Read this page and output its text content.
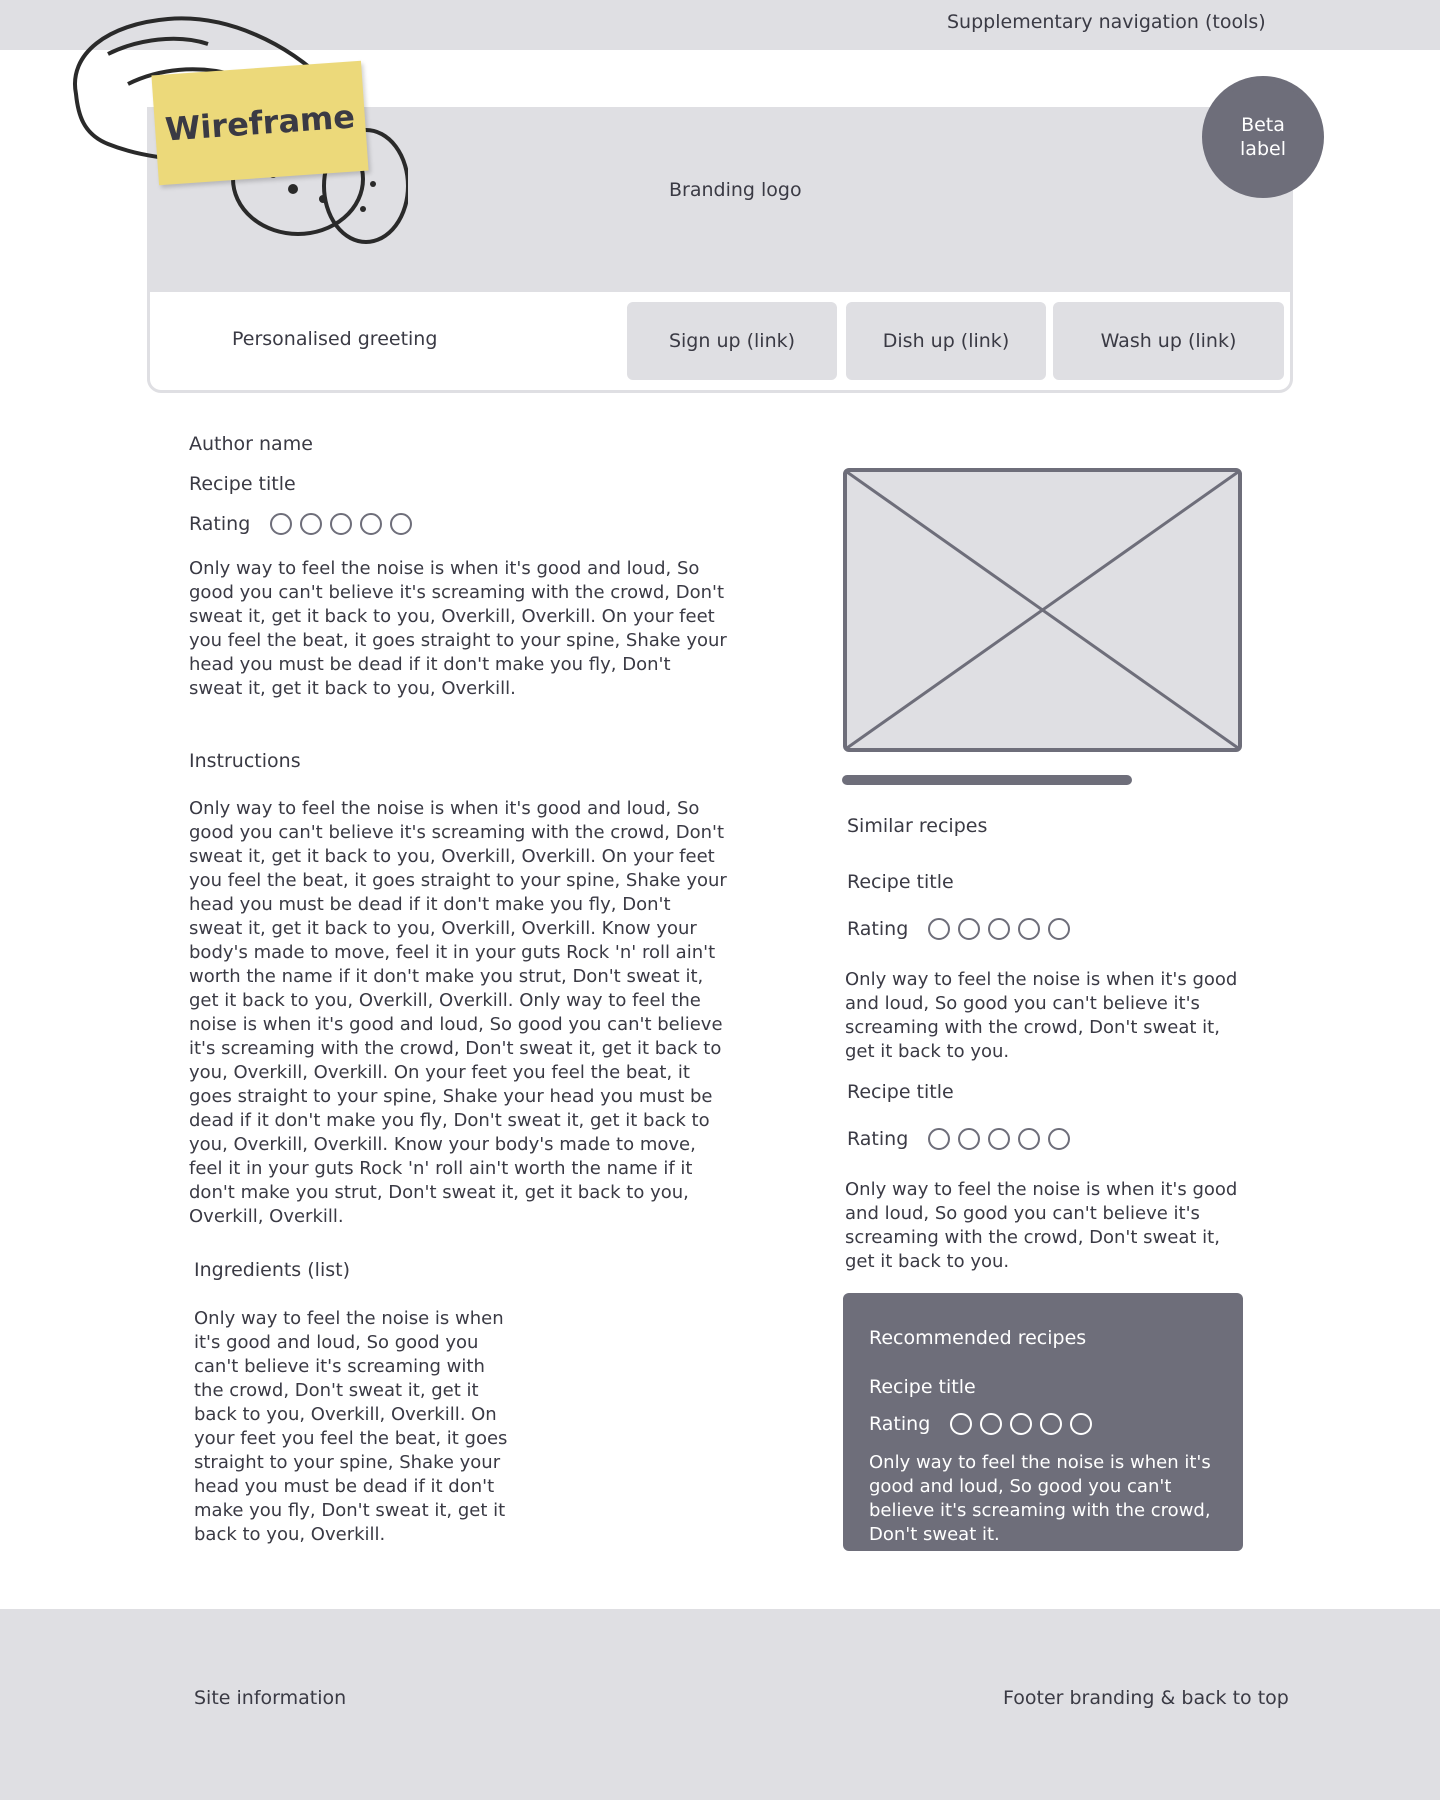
Supplementary navigation (tools)
Branding logo
Personalised greeting	Sign up (link)	Dish up (link)	Wash up (link)
Beta label
Wireframe
Author name
Recipe title
Rating

Only way to feel the noise is when it's good and loud, So good you can't believe it's screaming with the crowd, Don't sweat it, get it back to you, Overkill, Overkill. On your feet you feel the beat, it goes straight to your spine, Shake your head you must be dead if it don't make you fly, Don't sweat it, get it back to you, Overkill.

Instructions

Only way to feel the noise is when it's good and loud, So good you can't believe it's screaming with the crowd, Don't sweat it, get it back to you, Overkill, Overkill. On your feet you feel the beat, it goes straight to your spine, Shake your head you must be dead if it don't make you fly, Don't sweat it, get it back to you, Overkill, Overkill. Know your body's made to move, feel it in your guts Rock 'n' roll ain't worth the name if it don't make you strut, Don't sweat it, get it back to you, Overkill, Overkill. Only way to feel the noise is when it's good and loud, So good you can't believe it's screaming with the crowd, Don't sweat it, get it back to you, Overkill, Overkill. On your feet you feel the beat, it goes straight to your spine, Shake your head you must be dead if it don't make you fly, Don't sweat it, get it back to you, Overkill, Overkill. Know your body's made to move, feel it in your guts Rock 'n' roll ain't worth the name if it don't make you strut, Don't sweat it, get it back to you, Overkill, Overkill.

Ingredients (list)

Only way to feel the noise is when it's good and loud, So good you can't believe it's screaming with the crowd, Don't sweat it, get it back to you, Overkill, Overkill. On your feet you feel the beat, it goes straight to your spine, Shake your head you must be dead if it don't make you fly, Don't sweat it, get it back to you, Overkill.

Similar recipes
Recipe title
Rating

Only way to feel the noise is when it's good and loud, So good you can't believe it's screaming with the crowd, Don't sweat it, get it back to you.

Recipe title
Rating

Only way to feel the noise is when it's good and loud, So good you can't believe it's screaming with the crowd, Don't sweat it, get it back to you.

Recommended recipes
Recipe title
Rating

Only way to feel the noise is when it's good and loud, So good you can't believe it's screaming with the crowd, Don't sweat it.

Site information	Footer branding & back to top
